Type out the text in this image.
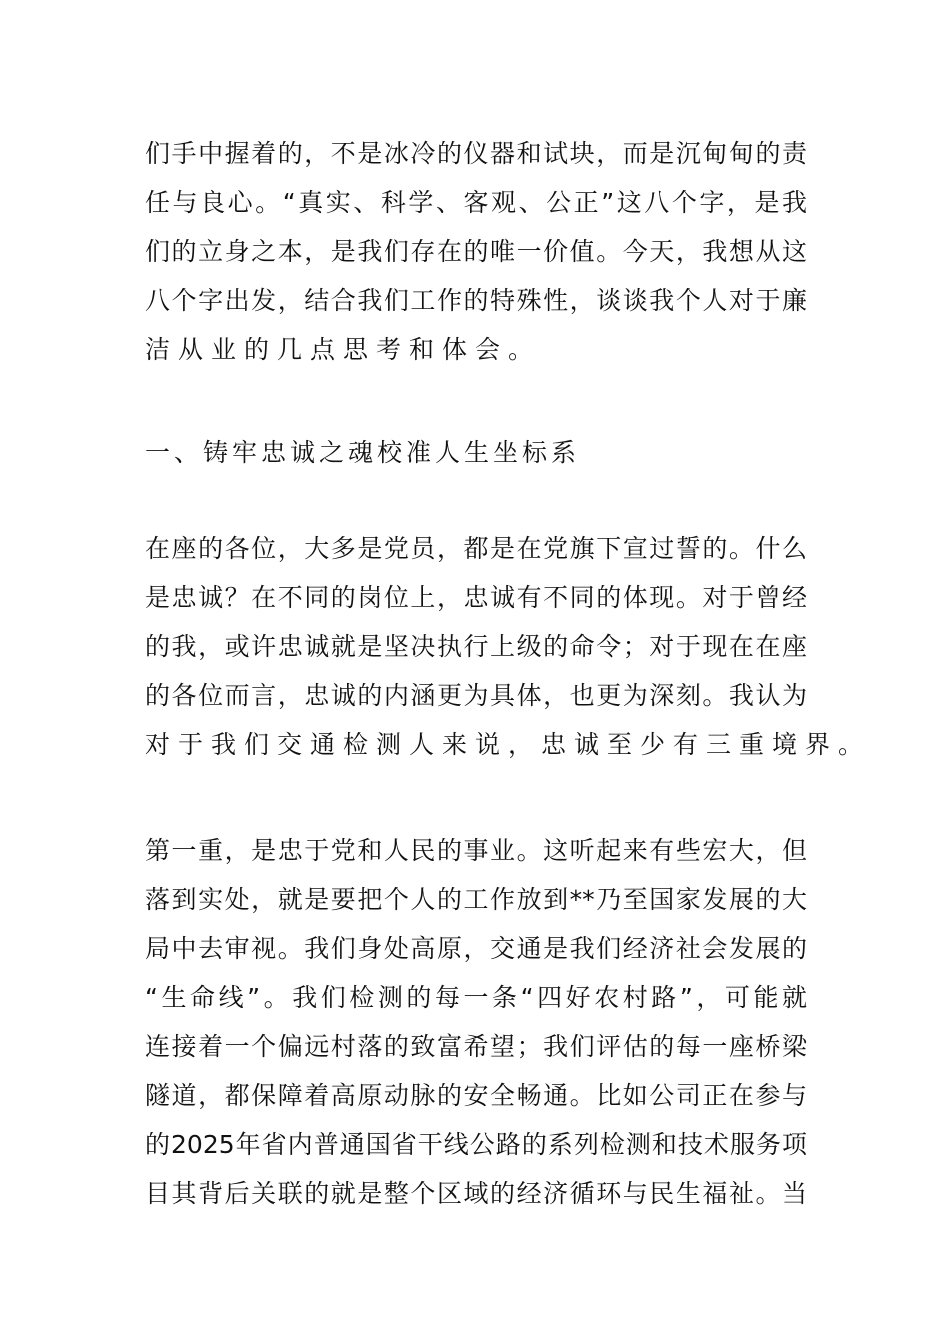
们手中握着的，不是冰冷的仪器和试块，而是沉甸甸的责
任与良心。“真实、科学、客观、公正”这八个字，是我
们的立身之本，是我们存在的唯一价值。今天，我想从这
八个字出发，结合我们工作的特殊性，谈谈我个人对于廉
洁从业的几点思考和体会。
一、铸牢忠诚之魂校准人生坐标系
在座的各位，大多是党员，都是在党旗下宣过誓的。什么
是忠诚？在不同的岗位上，忠诚有不同的体现。对于曾经
的我，或许忠诚就是坚决执行上级的命令；对于现在在座
的各位而言，忠诚的内涵更为具体，也更为深刻。我认为
对于我们交通检测人来说，忠诚至少有三重境界。
第一重，是忠于党和人民的事业。这听起来有些宏大，但
落到实处，就是要把个人的工作放到**乃至国家发展的大
局中去审视。我们身处高原，交通是我们经济社会发展的
“生命线”。我们检测的每一条“四好农村路”，可能就
连接着一个偏远村落的致富希望；我们评估的每一座桥梁
隧道，都保障着高原动脉的安全畅通。比如公司正在参与
的2025年省内普通国省干线公路的系列检测和技术服务项
目其背后关联的就是整个区域的经济循环与民生福祉。当
